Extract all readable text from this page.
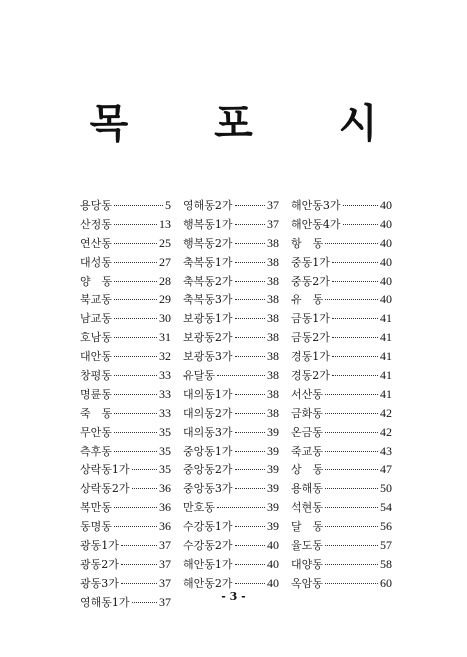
목 포 시
용당동	5
산정동	13
연산동	25
대성동	27
양　동	28
북교동	29
남교동	30
호남동	31
대안동	32
창평동	33
명륜동	33
죽　동	33
무안동	35
측후동	35
상락동1가 35
상락동2가 36
복만동	36
동명동	36
광동1가	37
광동2가	37
광동3가	37
영해동1가 37
영해동2가	37
행복동1가	37
행복동2가	38
축복동1가	38
축복동2가	38
축복동3가	38
보광동1가	38
보광동2가	38
보광동3가	38
유달동	38
대의동1가	38
대의동2가	38
대의동3가	39
중앙동1가	39
중앙동2가	39
중앙동3가	39
만호동	39
수강동1가	39
수강동2가	40
해안동1가	40
해안동2가	40
해안동3가	40
해안동4가	40
항　동	40
중동1가	40
중동2가	40
유　동	40
금동1가	41
금동2가	41
경동1가	41
경동2가	41
서산동	41
금화동	42
온금동	42
죽교동	43
상　동	47
용해동	50
석현동	54
달　동	56
율도동	57
대양동	58
옥암동	60

- 3 -
